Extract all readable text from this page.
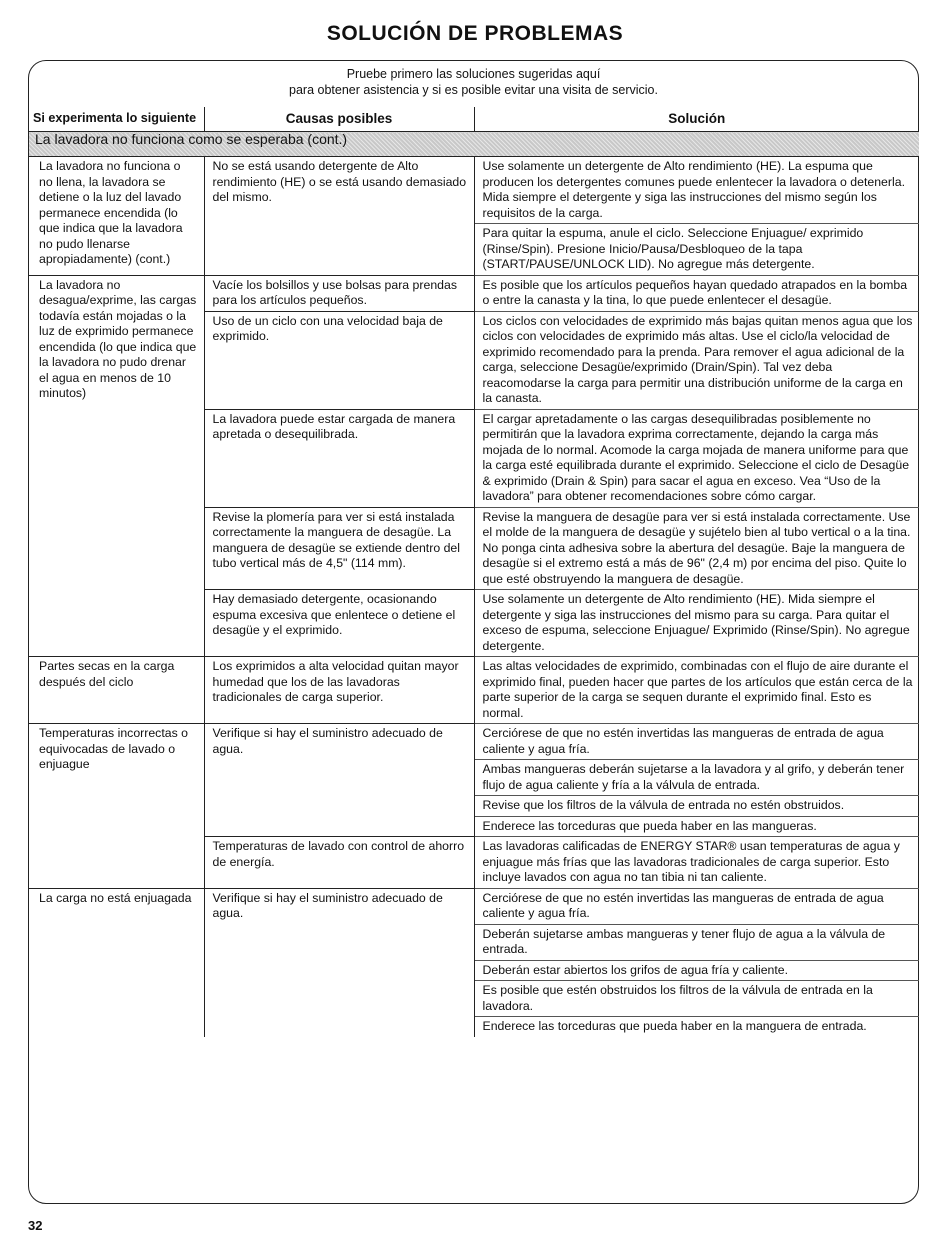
SOLUCIÓN DE PROBLEMAS
Pruebe primero las soluciones sugeridas aquí
para obtener asistencia y si es posible evitar una visita de servicio.
Si experimenta lo siguiente	Causas posibles	Solución
La lavadora no funciona como se esperaba (cont.)		
La lavadora no funciona o no llena, la lavadora se detiene o la luz del lavado permanece encendida (lo que indica que la lavadora no pudo llenarse apropiadamente) (cont.)	No se está usando detergente de Alto rendimiento (HE) o se está usando demasiado del mismo.	Use solamente un detergente de Alto rendimiento (HE). La espuma que producen los detergentes comunes puede enlentecer la lavadora o detenerla. Mida siempre el detergente y siga las instrucciones del mismo según los requisitos de la carga.
		Para quitar la espuma, anule el ciclo. Seleccione Enjuague/ exprimido (Rinse/Spin). Presione Inicio/Pausa/Desbloqueo de la tapa (START/PAUSE/UNLOCK LID). No agregue más detergente.
La lavadora no desagua/exprime, las cargas todavía están mojadas o la luz de exprimido permanece encendida (lo que indica que la lavadora no pudo drenar el agua en menos de 10 minutos)	Vacíe los bolsillos y use bolsas para prendas para los artículos pequeños.	Es posible que los artículos pequeños hayan quedado atrapados en la bomba o entre la canasta y la tina, lo que puede enlentecer el desagüe.
	Uso de un ciclo con una velocidad baja de exprimido.	Los ciclos con velocidades de exprimido más bajas quitan menos agua que los ciclos con velocidades de exprimido más altas. Use el ciclo/la velocidad de exprimido recomendado para la prenda. Para remover el agua adicional de la carga, seleccione Desagüe/exprimido (Drain/Spin). Tal vez deba reacomodarse la carga para permitir una distribución uniforme de la carga en la canasta.
	La lavadora puede estar cargada de manera apretada o desequilibrada.	El cargar apretadamente o las cargas desequilibradas posiblemente no permitirán que la lavadora exprima correctamente, dejando la carga más mojada de lo normal. Acomode la carga mojada de manera uniforme para que la carga esté equilibrada durante el exprimido. Seleccione el ciclo de Desagüe & exprimido (Drain & Spin) para sacar el agua en exceso. Vea “Uso de la lavadora” para obtener recomendaciones sobre cómo cargar.
	Revise la plomería para ver si está instalada correctamente la manguera de desagüe. La manguera de desagüe se extiende dentro del tubo vertical más de 4,5" (114 mm).	Revise la manguera de desagüe para ver si está instalada correctamente. Use el molde de la manguera de desagüe y sujételo bien al tubo vertical o a la tina. No ponga cinta adhesiva sobre la abertura del desagüe. Baje la manguera de desagüe si el extremo está a más de 96" (2,4 m) por encima del piso. Quite lo que esté obstruyendo la manguera de desagüe.
	Hay demasiado detergente, ocasionando espuma excesiva que enlentece o detiene el desagüe y el exprimido.	Use solamente un detergente de Alto rendimiento (HE). Mida siempre el detergente y siga las instrucciones del mismo para su carga. Para quitar el exceso de espuma, seleccione Enjuague/ Exprimido (Rinse/Spin). No agregue detergente.
Partes secas en la carga después del ciclo	Los exprimidos a alta velocidad quitan mayor humedad que los de las lavadoras tradicionales de carga superior.	Las altas velocidades de exprimido, combinadas con el flujo de aire durante el exprimido final, pueden hacer que partes de los artículos que están cerca de la parte superior de la carga se sequen durante el exprimido final. Esto es normal.
Temperaturas incorrectas o equivocadas de lavado o enjuague	Verifique si hay el suministro adecuado de agua.	Cerciórese de que no estén invertidas las mangueras de entrada de agua caliente y agua fría.
		Ambas mangueras deberán sujetarse a la lavadora y al grifo, y deberán tener flujo de agua caliente y fría a la válvula de entrada.
		Revise que los filtros de la válvula de entrada no estén obstruidos.
		Enderece las torceduras que pueda haber en las mangueras.
	Temperaturas de lavado con control de ahorro de energía.	Las lavadoras calificadas de ENERGY STAR® usan temperaturas de agua y enjuague más frías que las lavadoras tradicionales de carga superior. Esto incluye lavados con agua no tan tibia ni tan caliente.
La carga no está enjuagada	Verifique si hay el suministro adecuado de agua.	Cerciórese de que no estén invertidas las mangueras de entrada de agua caliente y agua fría.
		Deberán sujetarse ambas mangueras y tener flujo de agua a la válvula de entrada.
		Deberán estar abiertos los grifos de agua fría y caliente.
		Es posible que estén obstruidos los filtros de la válvula de entrada en la lavadora.
		Enderece las torceduras que pueda haber en la manguera de entrada.
32
